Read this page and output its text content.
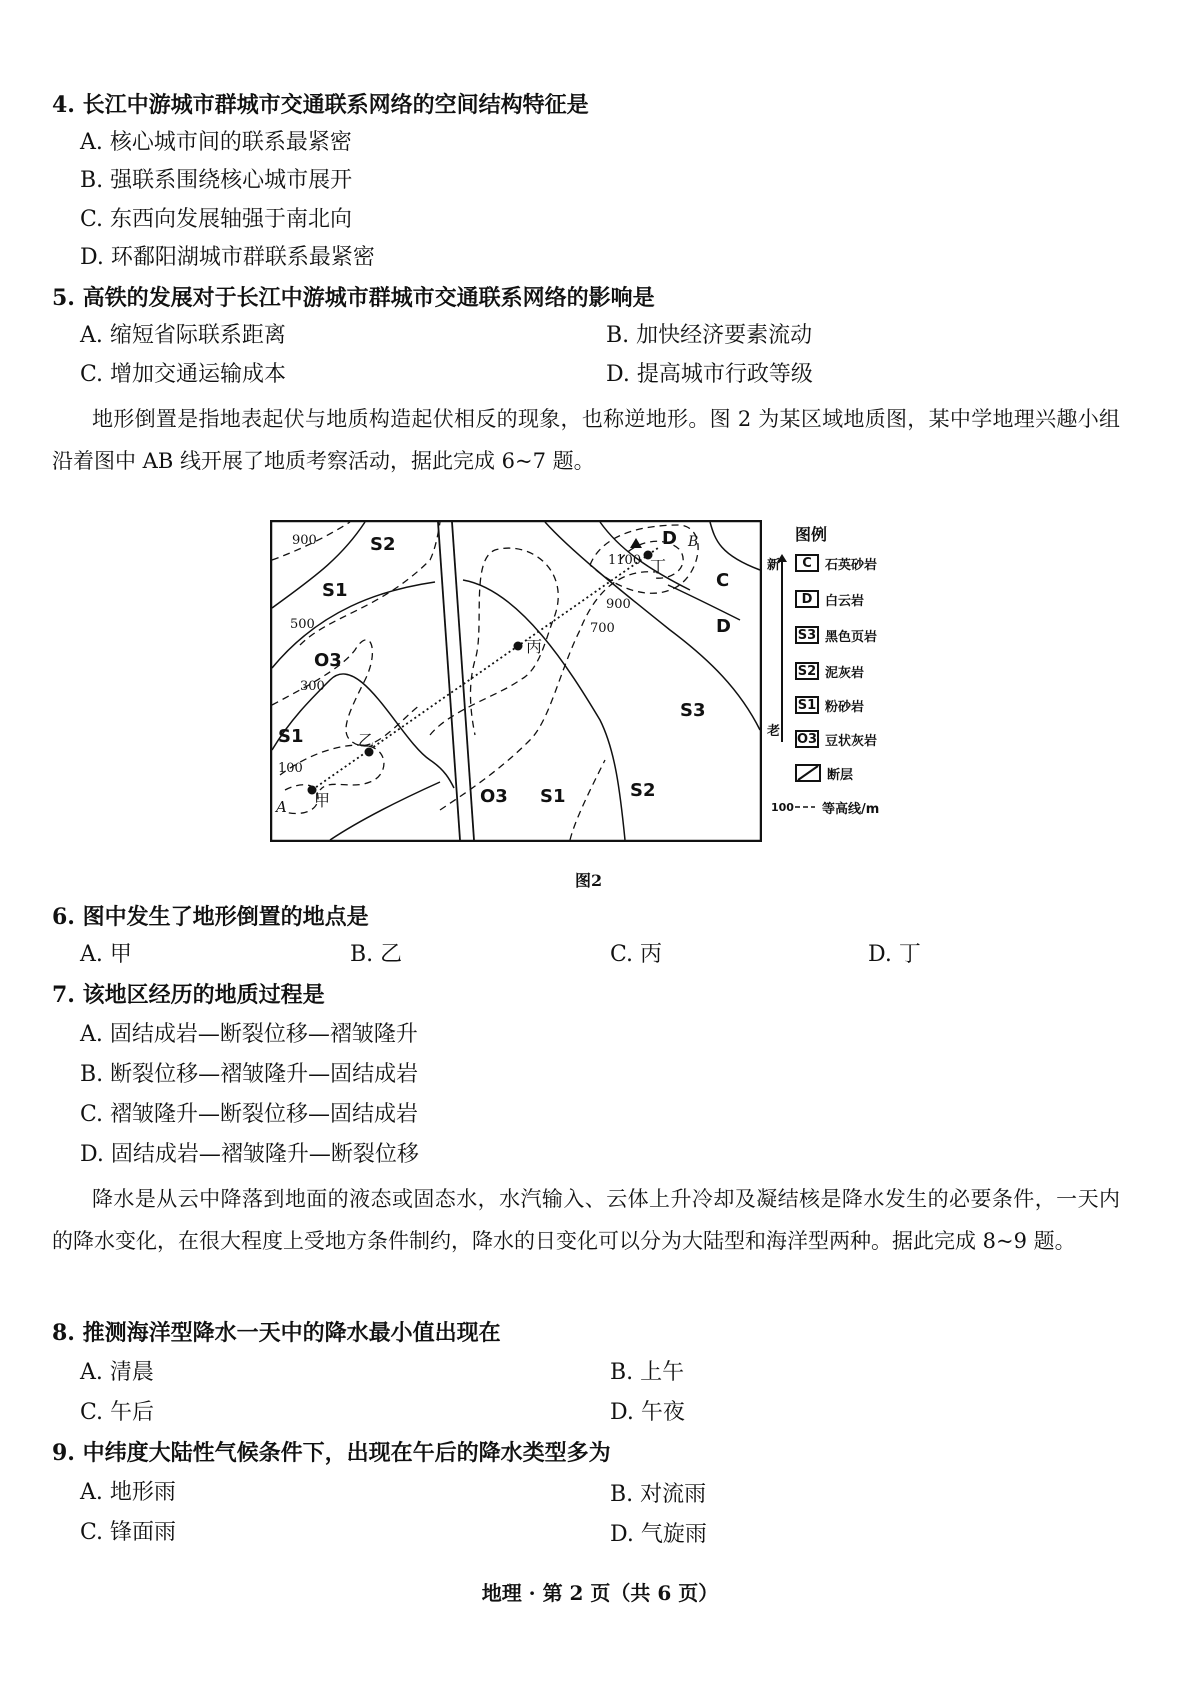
4. 长江中游城市群城市交通联系网络的空间结构特征是
A. 核心城市间的联系最紧密
B. 强联系围绕核心城市展开
C. 东西向发展轴强于南北向
D. 环鄱阳湖城市群联系最紧密
5. 高铁的发展对于长江中游城市群城市交通联系网络的影响是
A. 缩短省际联系距离	B. 加快经济要素流动
C. 增加交通运输成本	D. 提高城市行政等级
地形倒置是指地表起伏与地质构造起伏相反的现象，也称逆地形。图 2 为某区域地质图，某中学地理兴趣小组沿着图中 AB 线开展了地质考察活动，据此完成 6~7 题。
S2
S1
O3
S1
O3 S1	S2
S3
C
D
D
A
B
甲
乙
丙
丁
900
500
300
100
1100
900
700
图例
新
老
C	石英砂岩
D 白云岩
S3 黑色页岩
S2 泥灰岩
S1 粉砂岩
O3 豆状灰岩
断层
100 等高线/m
图2
6. 图中发生了地形倒置的地点是
A. 甲	B. 乙	C. 丙	D. 丁
7. 该地区经历的地质过程是
A. 固结成岩—断裂位移—褶皱隆升
B. 断裂位移—褶皱隆升—固结成岩
C. 褶皱隆升—断裂位移—固结成岩
D. 固结成岩—褶皱隆升—断裂位移
降水是从云中降落到地面的液态或固态水，水汽输入、云体上升冷却及凝结核是降水发生的必要条件，一天内的降水变化，在很大程度上受地方条件制约，降水的日变化可以分为大陆型和海洋型两种。据此完成 8~9 题。
8. 推测海洋型降水一天中的降水最小值出现在
A. 清晨	B. 上午
C. 午后	D. 午夜
9. 中纬度大陆性气候条件下，出现在午后的降水类型多为
A. 地形雨	B. 对流雨
C. 锋面雨	D. 气旋雨
地理 · 第 2 页（共 6 页）
